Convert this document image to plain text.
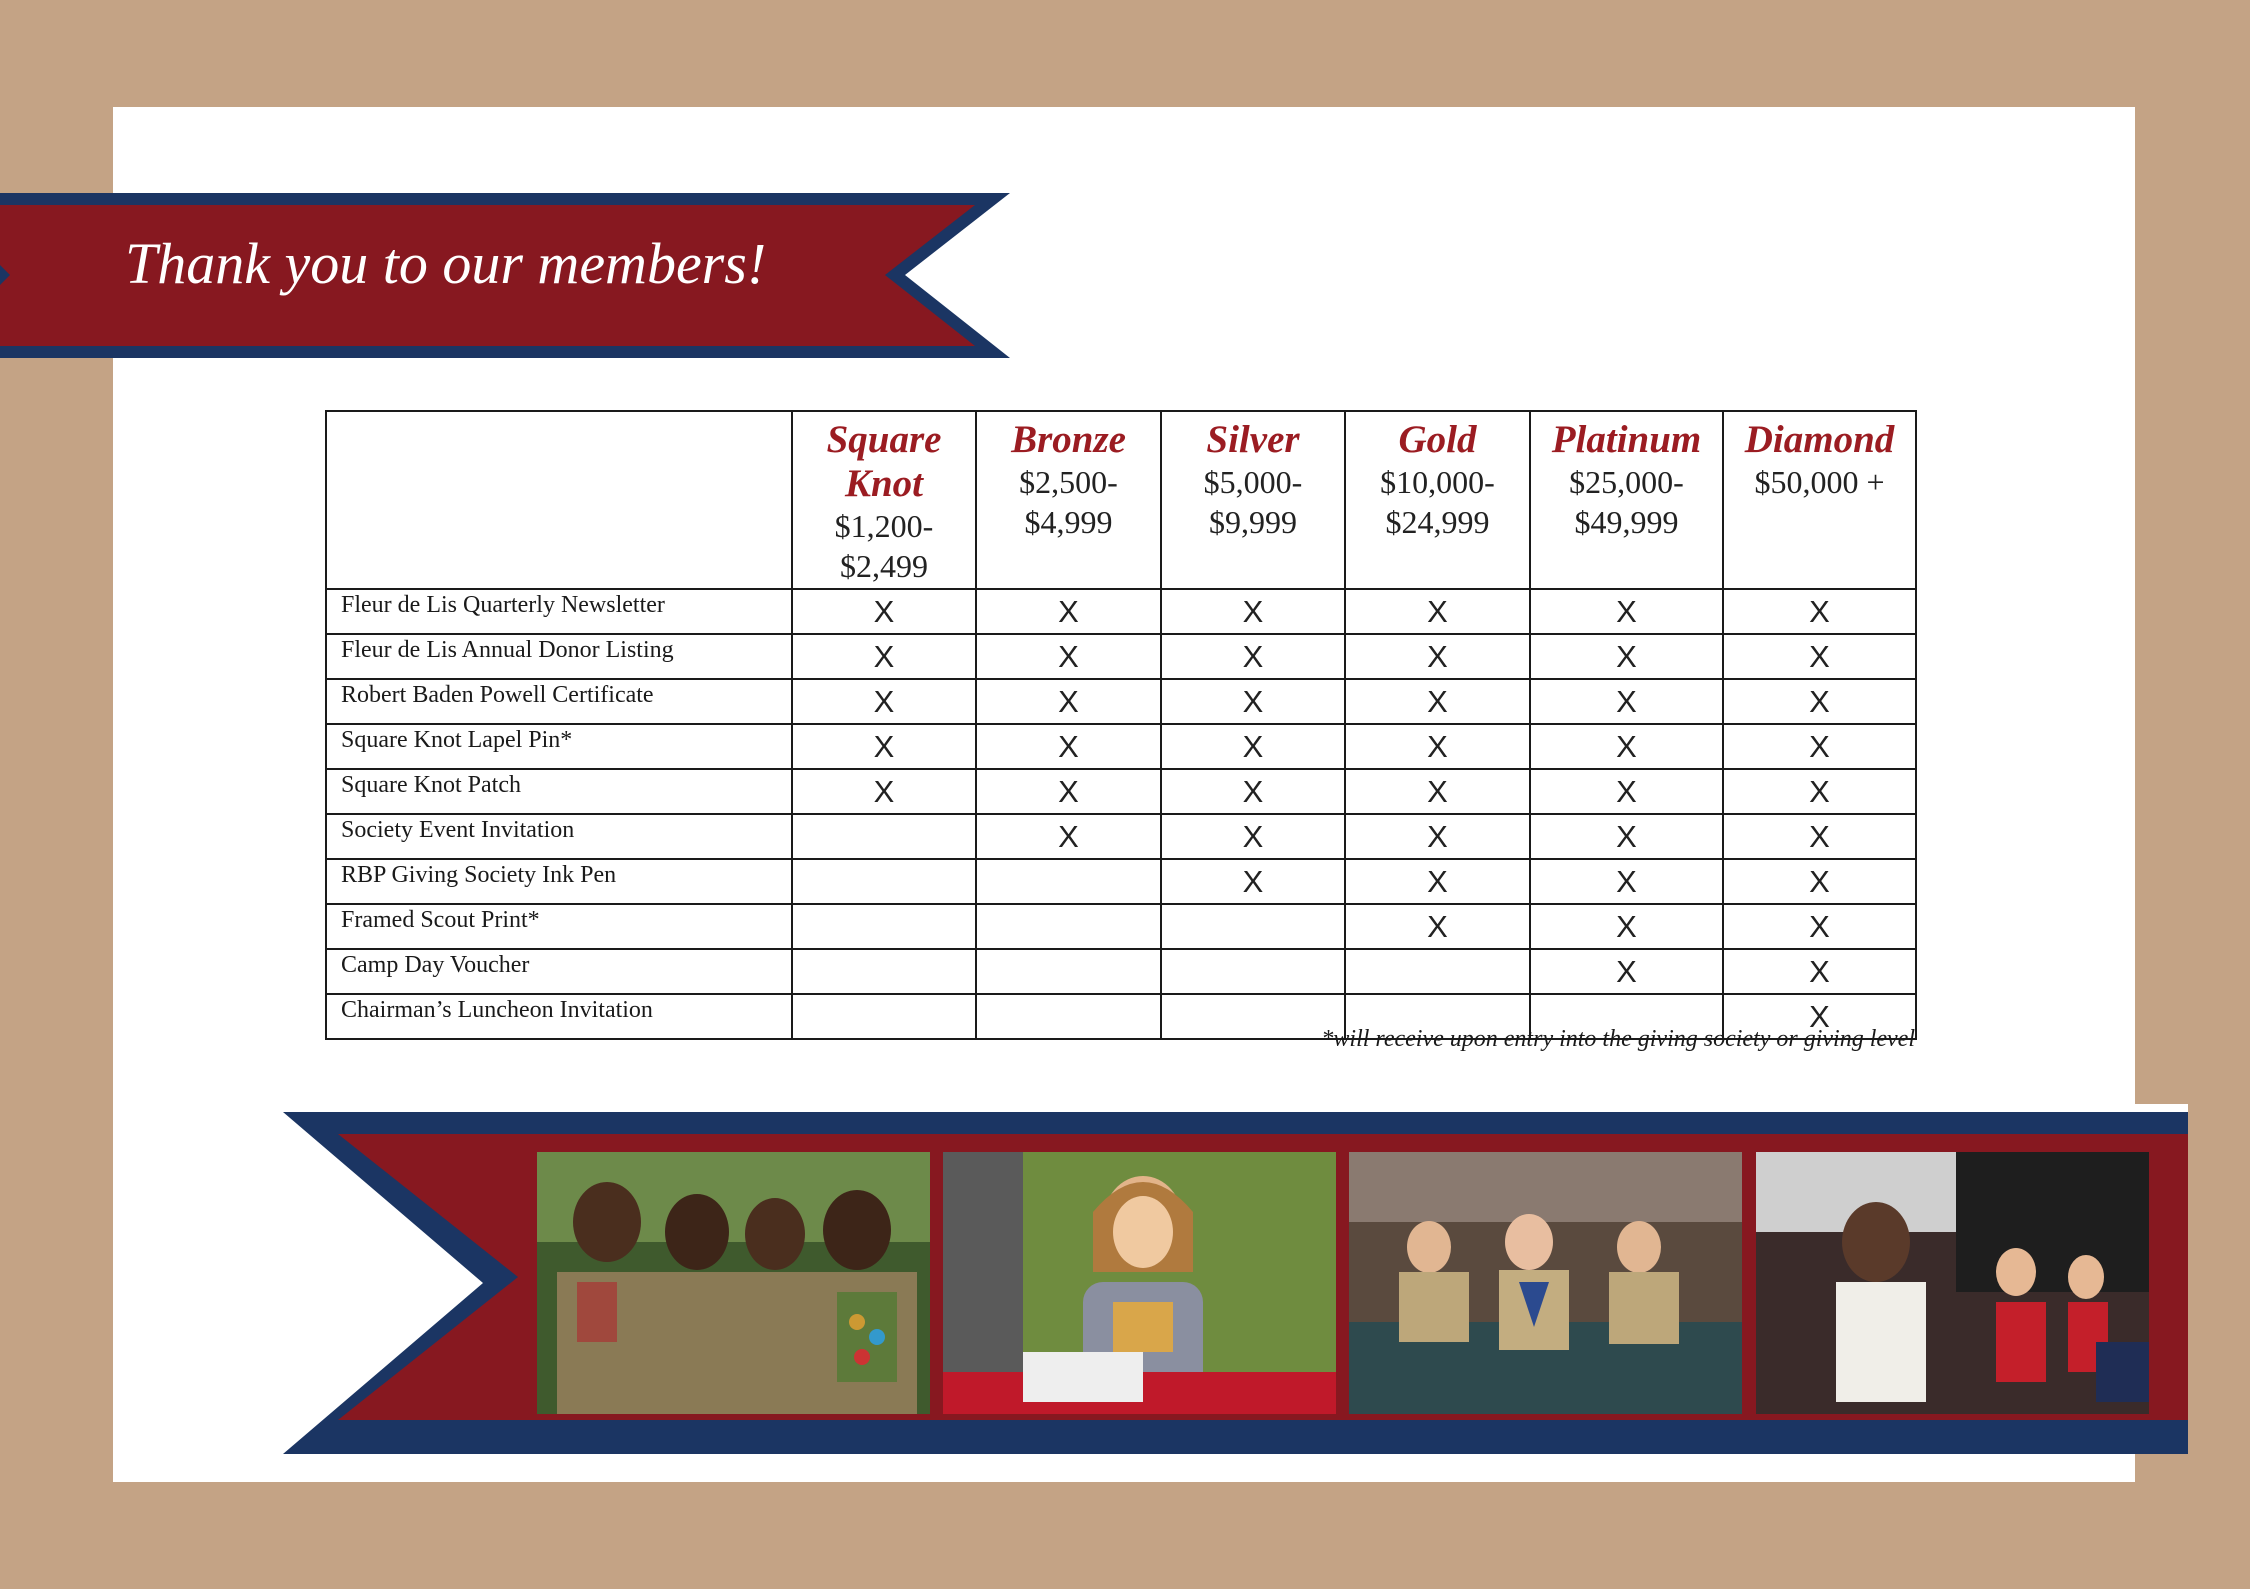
Thank you to our members!

	Square
Knot
$1,200-
$2,499	Bronze
$2,500-
$4,999	Silver
$5,000-
$9,999	Gold
$10,000-
$24,999	Platinum
$25,000-
$49,999	Diamond
$50,000 +

Fleur de Lis Quarterly Newsletter	X	X	X	X	X	X
Fleur de Lis Annual Donor Listing	X	X	X	X	X	X
Robert Baden Powell Certificate	X	X	X	X	X	X
Square Knot Lapel Pin*	X	X	X	X	X	X
Square Knot Patch	X	X	X	X	X	X
Society Event Invitation		X	X	X	X	X
RBP Giving Society Ink Pen			X	X	X	X
Framed Scout Print*				X	X	X
Camp Day Voucher					X	X
Chairman’s Luncheon Invitation						X
*will receive upon entry into the giving society or giving level
